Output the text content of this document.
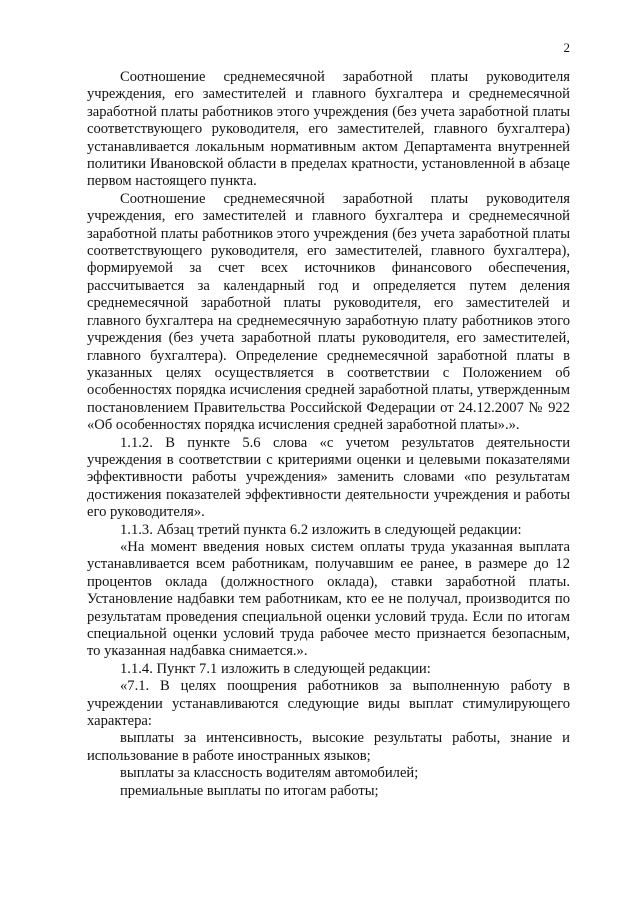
2

Соотношение среднемесячной заработной платы руководителя учреждения, его заместителей и главного бухгалтера и среднемесячной заработной платы работников этого учреждения (без учета заработной платы соответствующего руководителя, его заместителей, главного бухгалтера) устанавливается локальным нормативным актом Департамента внутренней политики Ивановской области в пределах кратности, установленной в абзаце первом настоящего пункта.

Соотношение среднемесячной заработной платы руководителя учреждения, его заместителей и главного бухгалтера и среднемесячной заработной платы работников этого учреждения (без учета заработной платы соответствующего руководителя, его заместителей, главного бухгалтера), формируемой за счет всех источников финансового обеспечения, рассчитывается за календарный год и определяется путем деления среднемесячной заработной платы руководителя, его заместителей и главного бухгалтера на среднемесячную заработную плату работников этого учреждения (без учета заработной платы руководителя, его заместителей, главного бухгалтера). Определение среднемесячной заработной платы в указанных целях осуществляется в соответствии с Положением об особенностях порядка исчисления средней заработной платы, утвержденным постановлением Правительства Российской Федерации от 24.12.2007 № 922 «Об особенностях порядка исчисления средней заработной платы».».

1.1.2. В пункте 5.6 слова «с учетом результатов деятельности учреждения в соответствии с критериями оценки и целевыми показателями эффективности работы учреждения» заменить словами «по результатам достижения показателей эффективности деятельности учреждения и работы его руководителя».

1.1.3. Абзац третий пункта 6.2 изложить в следующей редакции:

«На момент введения новых систем оплаты труда указанная выплата устанавливается всем работникам, получавшим ее ранее, в размере до 12 процентов оклада (должностного оклада), ставки заработной платы. Установление надбавки тем работникам, кто ее не получал, производится по результатам проведения специальной оценки условий труда. Если по итогам специальной оценки условий труда рабочее место признается безопасным, то указанная надбавка снимается.».

1.1.4. Пункт 7.1 изложить в следующей редакции:

«7.1. В целях поощрения работников за выполненную работу в учреждении устанавливаются следующие виды выплат стимулирующего характера:

выплаты за интенсивность, высокие результаты работы, знание и использование в работе иностранных языков;

выплаты за классность водителям автомобилей;

премиальные выплаты по итогам работы;
